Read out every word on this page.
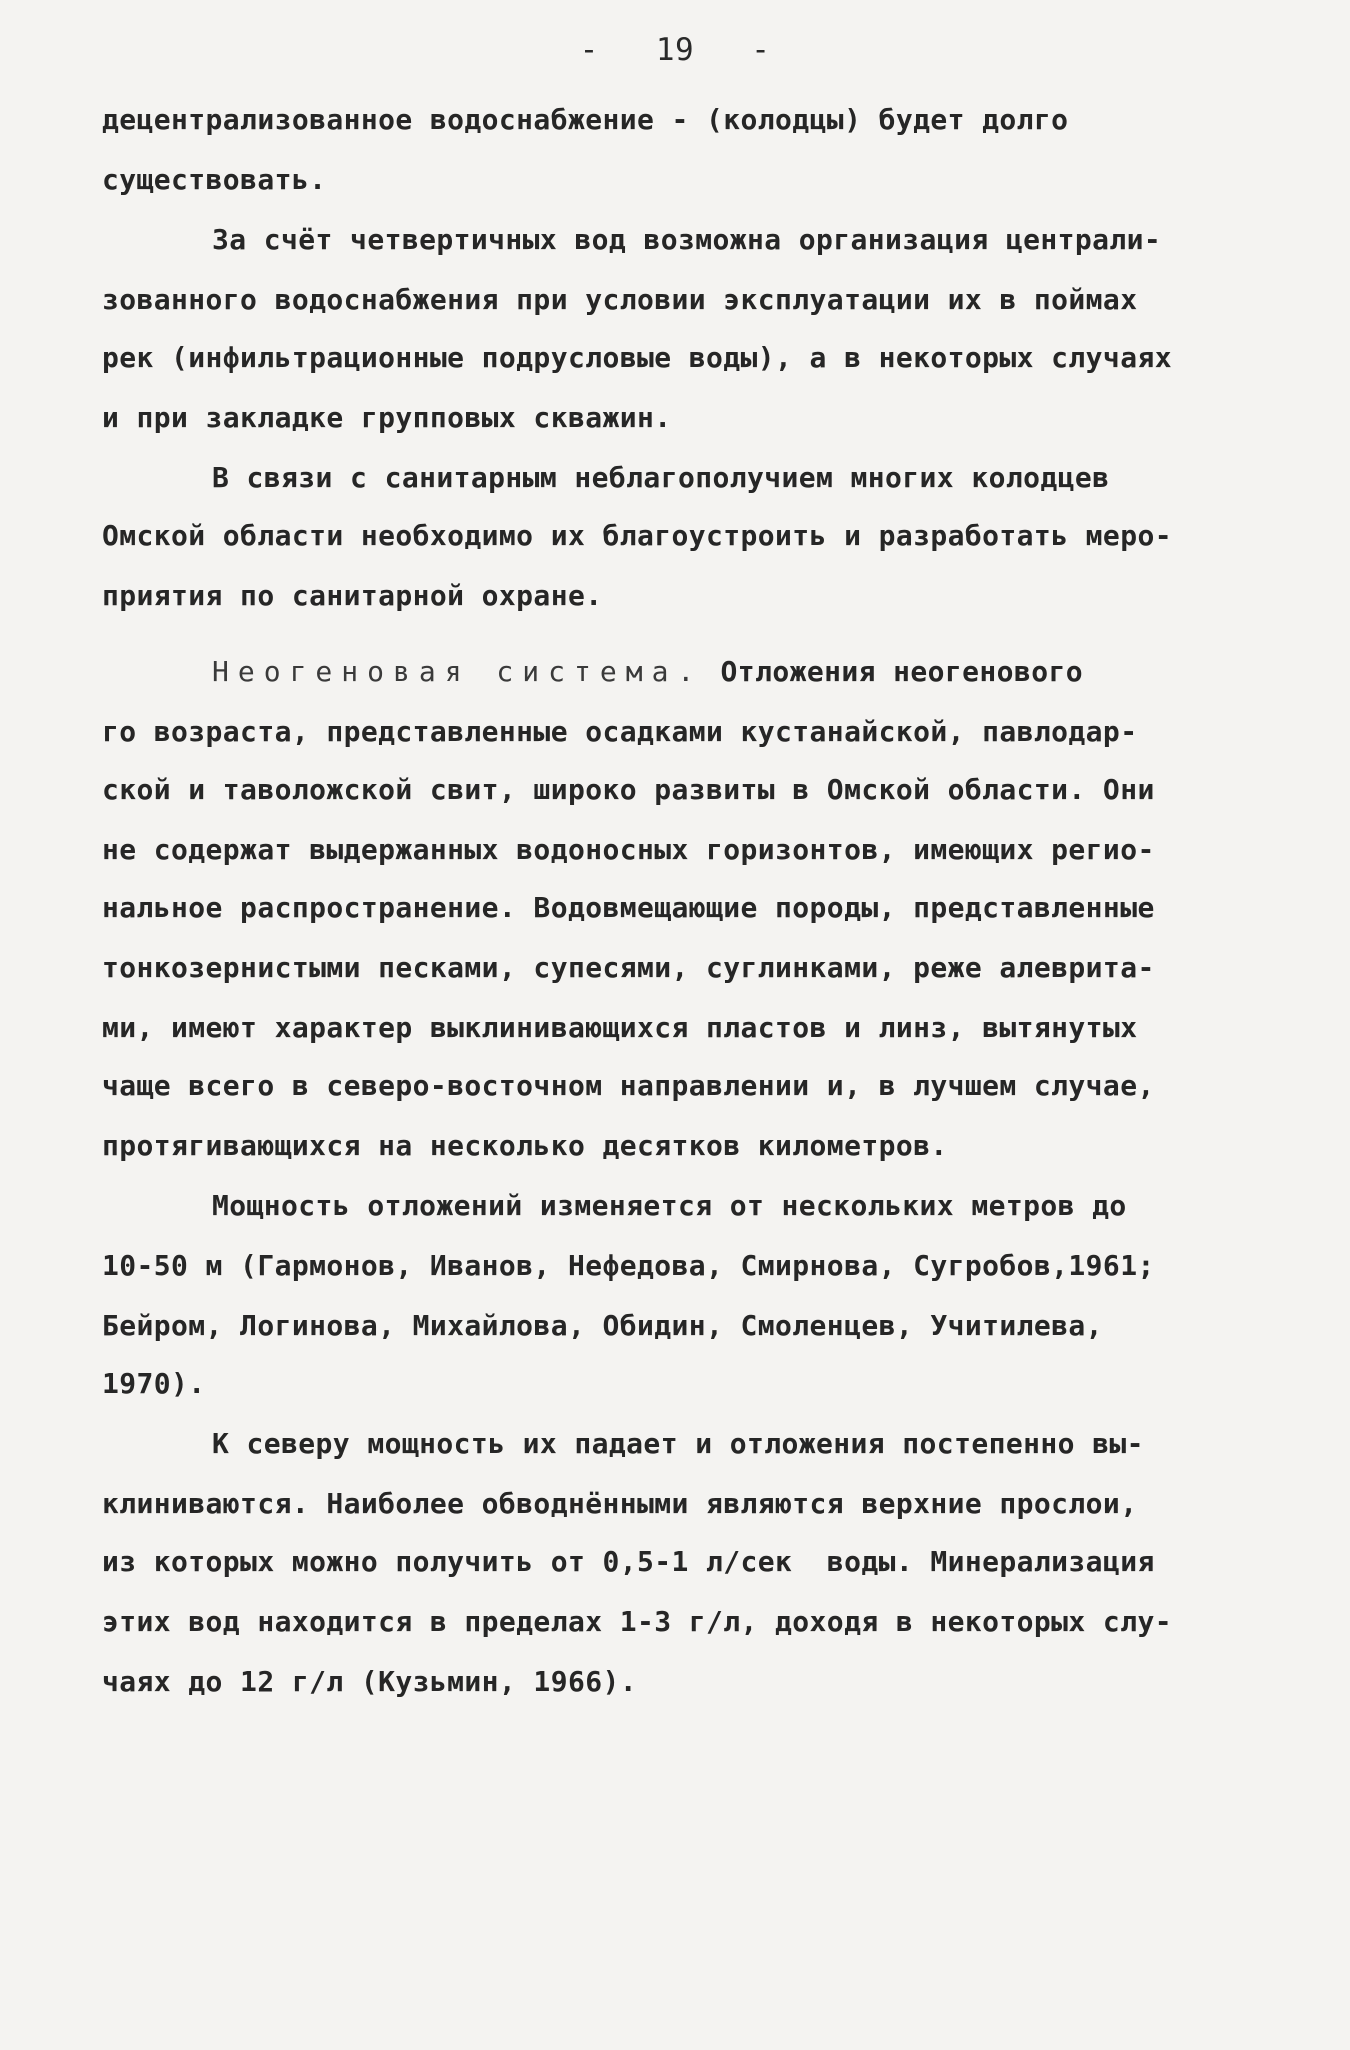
-   19   -
децентрализованное водоснабжение - (колодцы) будет долго
существовать.
За счёт четвертичных вод возможна организация централи-
зованного водоснабжения при условии эксплуатации их в поймах
рек (инфильтрационные подрусловые воды), а в некоторых случаях
и при закладке групповых скважин.
В связи с санитарным неблагополучием многих колодцев
Омской области необходимо их благоустроить и разработать меро-
приятия по санитарной охране.
Неогеновая система. Отложения неогенового
го возраста, представленные осадками кустанайской, павлодар-
ской и таволожской свит, широко развиты в Омской области. Они
не содержат выдержанных водоносных горизонтов, имеющих регио-
нальное распространение. Водовмещающие породы, представленные
тонкозернистыми песками, супесями, суглинками, реже алеврита-
ми, имеют характер выклинивающихся пластов и линз, вытянутых
чаще всего в северо-восточном направлении и, в лучшем случае,
протягивающихся на несколько десятков километров.
Мощность отложений изменяется от нескольких метров до
10-50 м (Гармонов, Иванов, Нефедова, Смирнова, Сугробов,1961;
Бейром, Логинова, Михайлова, Обидин, Смоленцев, Учитилева,
1970).
К северу мощность их падает и отложения постепенно вы-
клиниваются. Наиболее обводнёнными являются верхние прослои,
из которых можно получить от 0,5-1 л/сек  воды. Минерализация
этих вод находится в пределах 1-3 г/л, доходя в некоторых слу-
чаях до 12 г/л (Кузьмин, 1966).
